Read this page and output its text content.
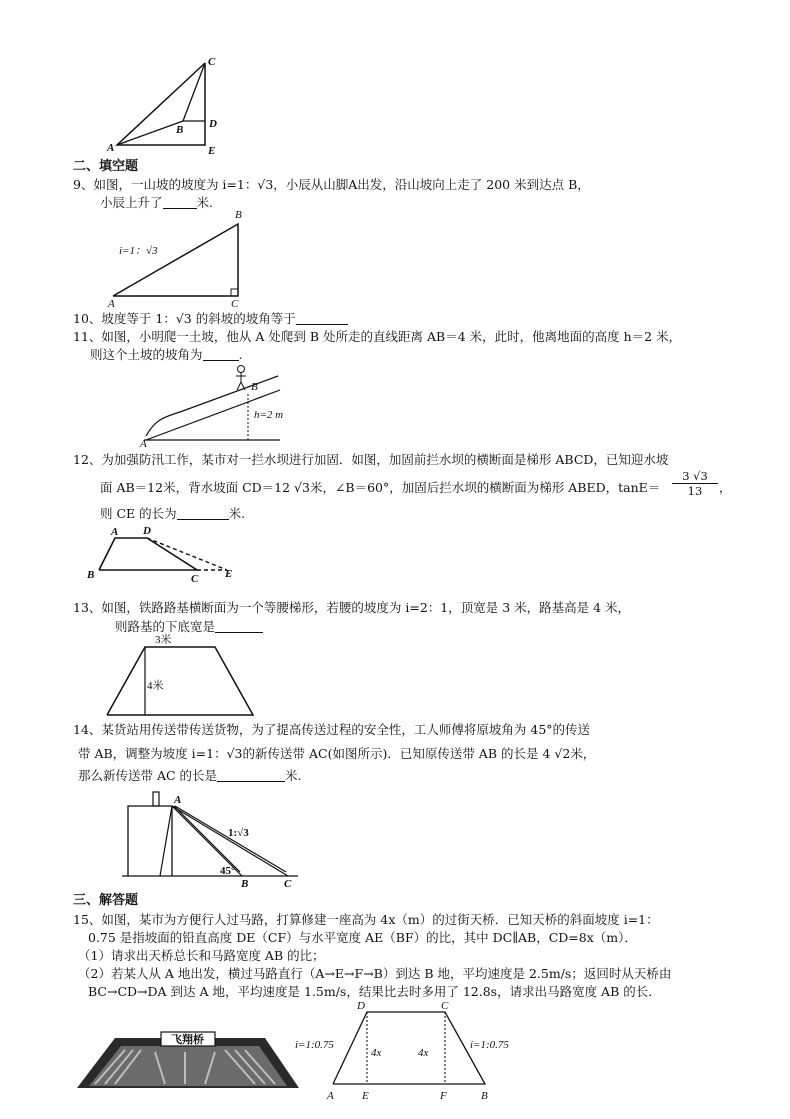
C
B D
A	E
二、填空题
9、如图，一山坡的坡度为 i=1：√3，小辰从山脚A出发，沿山坡向上走了 200 米到达点 B，
小辰上升了	米.
i=1：√3
B
A	C
10、坡度等于 1：√3 的斜坡的坡角等于
11、如图，小明爬一土坡，他从 A 处爬到 B 处所走的直线距离 AB＝4 米，此时，他离地面的高度 h＝2 米，
则这个土坡的坡角为	.
B
A
h=2 m
12、为加强防汛工作，某市对一拦水坝进行加固．如图，加固前拦水坝的横断面是梯形 ABCD，已知迎水坡
面 AB＝12米，背水坡面 CD＝12 √3米，∠B＝60°，加固后拦水坝的横断面为梯形 ABED，$\tan E= \frac{3 √3}{13}$ ，
则 CE 的长为	米.
A D
B	C E
13、如图，铁路路基横断面为一个等腰梯形，若腰的坡度为 i=2：1，顶宽是 3 米，路基高是 4 米，
则路基的下底宽是
3米
4米
14、某货站用传送带传送货物，为了提高传送过程的安全性，工人师傅将原坡角为 45°的传送
带 AB，调整为坡度 i=1：√3的新传送带 AC(如图所示)．已知原传送带 AB 的长是 4 √2米，
那么新传送带 AC 的长是	米.
A
B	C
1:√3
45°
三、解答题
15、如图，某市为方便行人过马路，打算修建一座高为 4x（m）的过街天桥．已知天桥的斜面坡度 i=1：
0.75 是指坡面的铅直高度 DE（CF）与水平宽度 AE（BF）的比，其中 DC∥AB，CD=8x（m）．
（1）请求出天桥总长和马路宽度 AB 的比；
（2）若某人从 A 地出发，横过马路直行（A→E→F→B）到达 B 地，平均速度是 2.5m/s；返回时从天桥由
BC→CD→DA 到达 A 地，平均速度是 1.5m/s，结果比去时多用了 12.8s，请求出马路宽度 AB 的长．
飞翔桥
D	C
A	E	F	B
i=1:0.75	i=1:0.75
4x	4x
